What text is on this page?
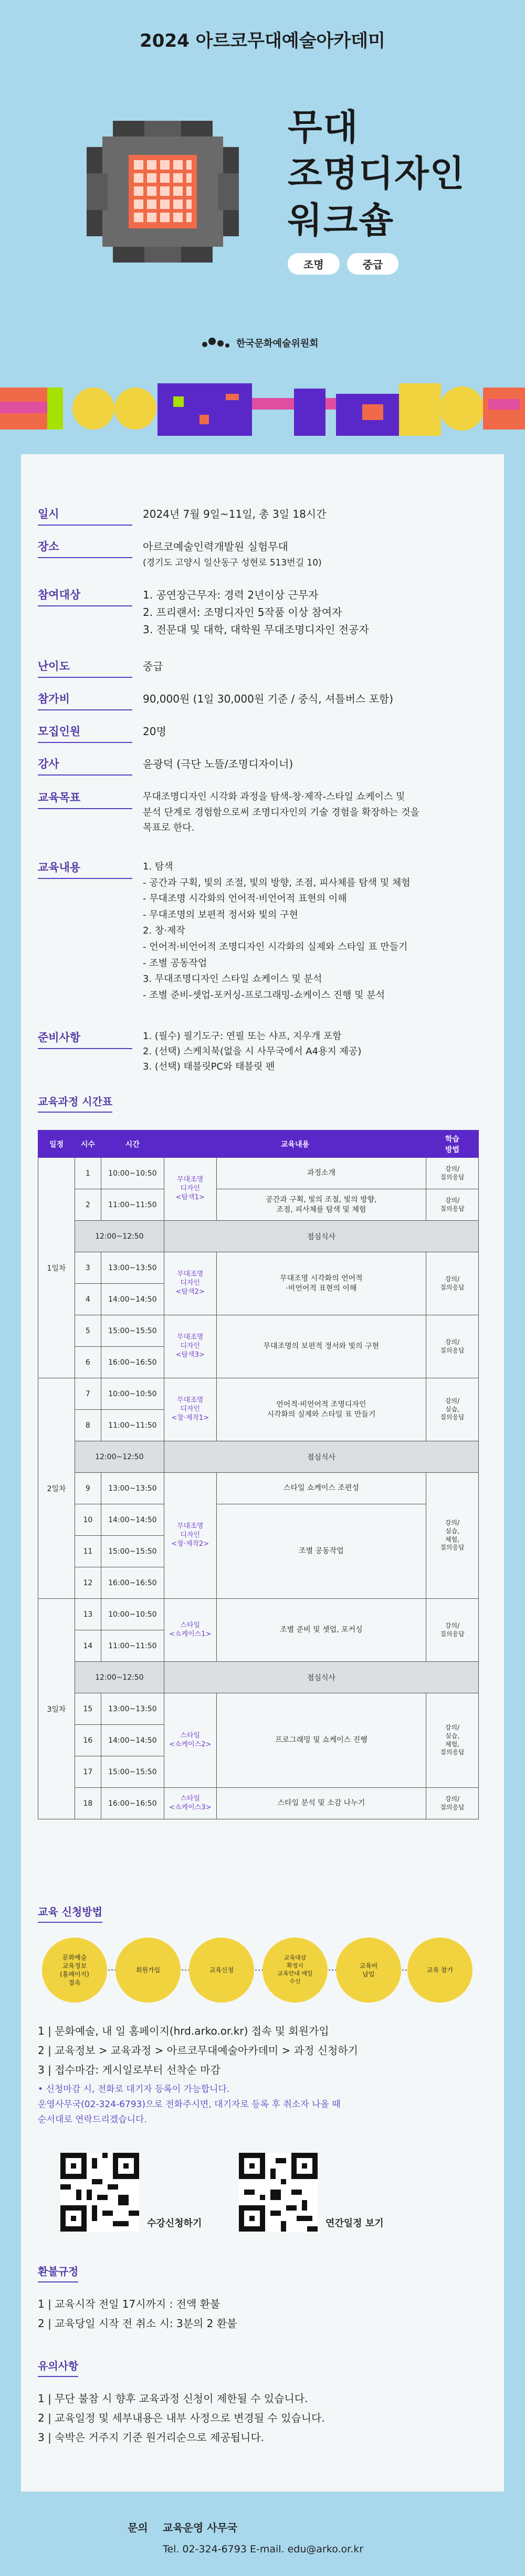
2024 아르코무대예술아카데미
무대
조명디자인
워크숍
조명	중급
한국문화예술위원회
일시	2024년 7월 9일~11일, 총 3일 18시간
장소	아르코예술인력개발원 실험무대
(경기도 고양시 일산동구 성현로 513번길 10)
참여대상	1. 공연장근무자: 경력 2년이상 근무자
2. 프리랜서: 조명디자인 5작품 이상 참여자
3. 전문대 및 대학, 대학원 무대조명디자인 전공자
난이도	중급
참가비	90,000원 (1일 30,000원 기준 / 중식, 셔틀버스 포함)
모집인원	20명
강사	윤광덕 (극단 노뜰/조명디자이너)
교육목표	무대조명디자인 시각화 과정을 탐색-창·제작-스타일 쇼케이스 및
분석 단계로 경험함으로써 조명디자인의 기술 경험을 확장하는 것을
목표로 한다.
교육내용	1. 탐색
- 공간과 구획, 빛의 조절, 빛의 방향, 조점, 피사체를 탐색 및 체험
- 무대조명 시각화의 언어적·비언어적 표현의 이해
- 무대조명의 보편적 정서와 빛의 구현
2. 창·제작
- 언어적·비언어적 조명디자인 시각화의 실제와 스타일 표 만들기
- 조별 공동작업
3. 무대조명디자인 스타일 쇼케이스 및 분석
- 조별 준비-셋업-포커싱-프로그래밍-쇼케이스 진행 및 분석
준비사항	1. (필수) 필기도구: 연필 또는 샤프, 지우개 포함
2. (선택) 스케치북(없을 시 사무국에서 A4용지 제공)
3. (선택) 태블릿PC와 태블릿 펜
교육과정 시간표
일정	시수	시간	교육내용		학습
방법
1일차	1	10:00~10:50	무대조명
디자인
<탐색1>	과정소개	강의/
질의응답
	2	11:00~11:50		공간과 구획, 빛의 조절, 빛의 방향,
조점, 피사체를 탐색 및 체험	강의/
질의응답
	12:00~12:50		점심식사		
	3	13:00~13:50	무대조명
디자인
<탐색2>	무대조명 시각화의 언어적
·비언어적 표현의 이해	강의/
질의응답
	4	14:00~14:50			
	5	15:00~15:50	무대조명
디자인
<탐색3>	무대조명의 보편적 정서와 빛의 구현	강의/
질의응답
	6	16:00~16:50			
2일차	7	10:00~10:50	무대조명
디자인
<창·제작1>	언어적·비언어적 조명디자인
시각화의 실제와 스타일 표 만들기	강의/
실습,
질의응답
	8	11:00~11:50			
	12:00~12:50		점심식사		
	9	13:00~13:50	무대조명
디자인
<창·제작2>	스타일 쇼케이스 조편성	강의/
실습,
체험,
질의응답
	10	14:00~14:50		조별 공동작업	
	11	15:00~15:50			
	12	16:00~16:50			
3일차	13	10:00~10:50	스타일
<쇼케이스1>	조별 준비 및 셋업, 포커싱	강의/
질의응답
	14	11:00~11:50			
	12:00~12:50		점심식사		
	15	13:00~13:50	스타일
<쇼케이스2>	프로그래밍 및 쇼케이스 진행	강의/
실습,
체험,
질의응답
	16	14:00~14:50			
	17	15:00~15:50			
	18	16:00~16:50	스타일
<쇼케이스3>	스타일 분석 및 소감 나누기	강의/
질의응답
교육 신청방법
문화예술
교육정보
(홈페이지)
접속
회원가입	교육신청
교육대상
확정시
교육안내 메일
수신
교육비
납입
교육 참가
1 | 문화예술, 내 일 홈페이지(hrd.arko.or.kr) 접속 및 회원가입
2 | 교육정보 > 교육과정 > 아르코무대예술아카데미 > 과정 신청하기
3 | 접수마감: 게시일로부터 선착순 마감
• 신청마감 시, 전화로 대기자 등록이 가능합니다.
운영사무국(02-324-6793)으로 전화주시면, 대기자로 등록 후 취소자 나올 때
순서대로 연락드리겠습니다.
수강신청하기	연간일정 보기
환불규정
1 | 교육시작 전일 17시까지 : 전액 환불
2 | 교육당일 시작 전 취소 시: 3분의 2 환불
유의사항
1 | 무단 불참 시 향후 교육과정 신청이 제한될 수 있습니다.
2 | 교육일정 및 세부내용은 내부 사정으로 변경될 수 있습니다.
3 | 숙박은 거주지 기준 원거리순으로 제공됩니다.
문의 교육운영 사무국
Tel. 02-324-6793 E-mail. edu@arko.or.kr
